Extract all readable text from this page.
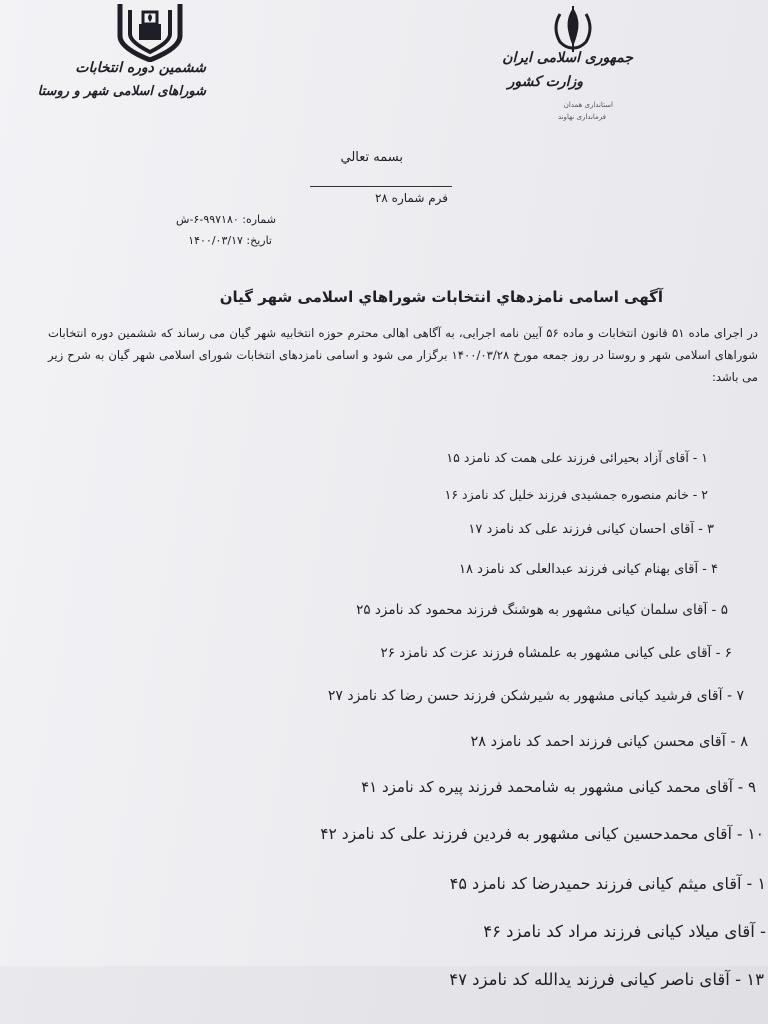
ششمین دوره انتخابات
شوراهای اسلامی شهر و روستا
جمهوری اسلامی ایران
وزارت کشور
استانداری همدان
فرمانداری نهاوند
بسمه تعالي
فرم شماره ۲۸
شماره: ۹۹۷۱۸۰-۶-ش
تاریخ: ۱۴۰۰/۰۳/۱۷
آگهی اسامی نامزدهاي انتخابات شوراهاي اسلامی شهر گیان
در اجرای ماده ۵۱ قانون انتخابات و ماده ۵۶ آیین نامه اجرایی، به آگاهی اهالی محترم حوزه انتخابیه شهر گیان می رساند که ششمین دوره انتخابات شوراهای اسلامی شهر و روستا در روز جمعه مورخ ۱۴۰۰/۰۳/۲۸ برگزار می شود و اسامی نامزدهای انتخابات شورای اسلامی شهر گیان به شرح زیر می باشد:
۱ - آقای آزاد بحیرائی فرزند علی همت کد نامزد ۱۵
۲ - خانم منصوره جمشیدی فرزند خلیل کد نامزد ۱۶
۳ - آقای احسان کیانی فرزند علی کد نامزد ۱۷
۴ - آقای بهنام کیانی فرزند عبدالعلی کد نامزد ۱۸
۵ - آقای سلمان کیانی مشهور به هوشنگ فرزند محمود کد نامزد ۲۵
۶ - آقای علی کیانی مشهور به علمشاه فرزند عزت کد نامزد ۲۶
۷ - آقای فرشید کیانی مشهور به شیرشکن فرزند حسن رضا کد نامزد ۲۷
۸ - آقای محسن کیانی فرزند احمد کد نامزد ۲۸
۹ - آقای محمد کیانی مشهور به شامحمد فرزند پیره کد نامزد ۴۱
۱۰ - آقای محمدحسین کیانی مشهور به فردین فرزند علی کد نامزد ۴۲
۱ - آقای میثم کیانی فرزند حمیدرضا کد نامزد ۴۵
- آقای میلاد کیانی فرزند مراد کد نامزد ۴۶
۱۳ - آقای ناصر کیانی فرزند یدالله کد نامزد ۴۷
